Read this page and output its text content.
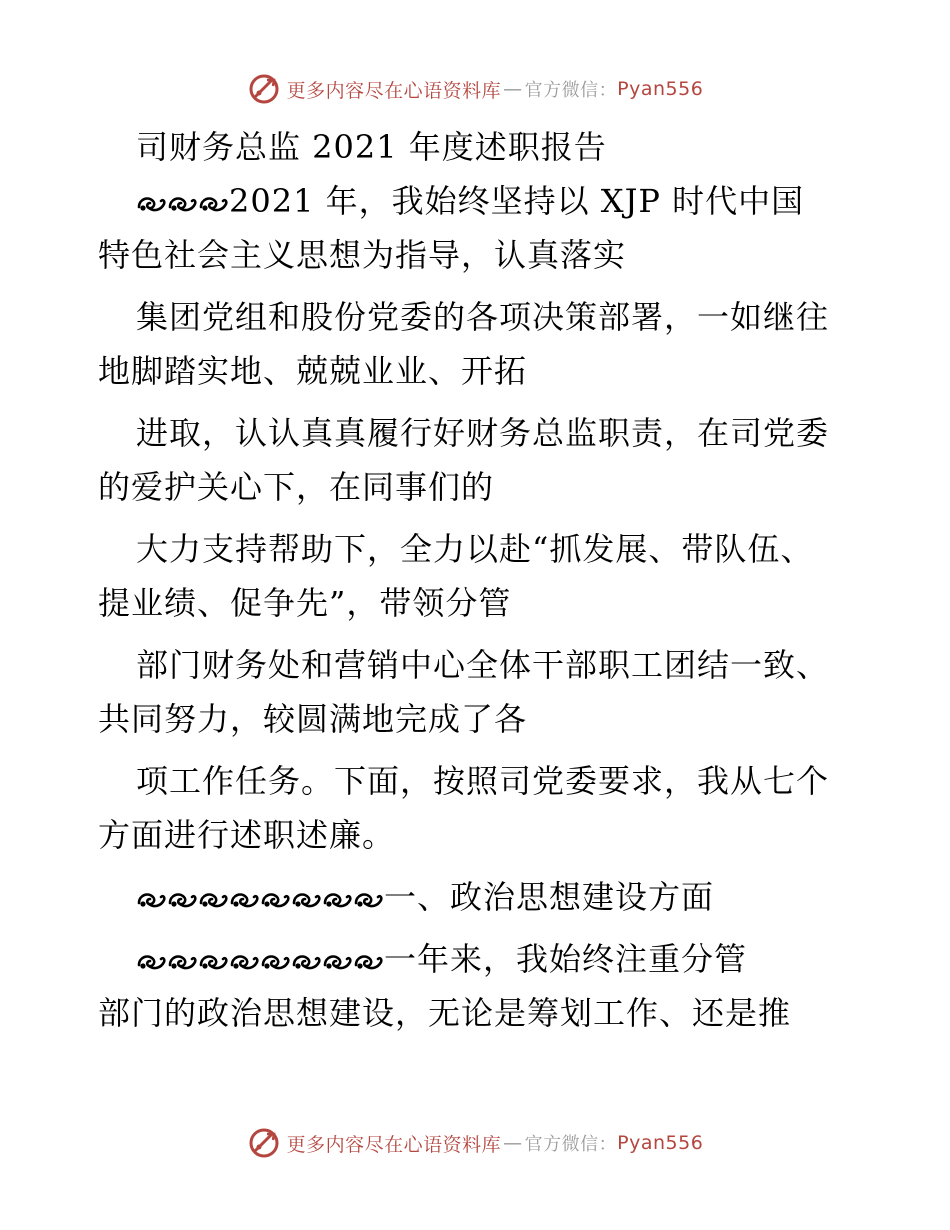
更多内容尽在心语资料库 — 官方微信： Pyan556
司财务总监 2021 年度述职报告
2021 年，我始终坚持以 XJP 时代中国
特色社会主义思想为指导，认真落实
集团党组和股份党委的各项决策部署，一如继往
地脚踏实地、兢兢业业、开拓
进取，认认真真履行好财务总监职责，在司党委
的爱护关心下，在同事们的
大力支持帮助下，全力以赴“抓发展、带队伍、
提业绩、促争先”，带领分管
部门财务处和营销中心全体干部职工团结一致、
共同努力，较圆满地完成了各
项工作任务。下面，按照司党委要求，我从七个
方面进行述职述廉。
一、政治思想建设方面
一年来，我始终注重分管
部门的政治思想建设，无论是筹划工作、还是推
更多内容尽在心语资料库 — 官方微信： Pyan556
